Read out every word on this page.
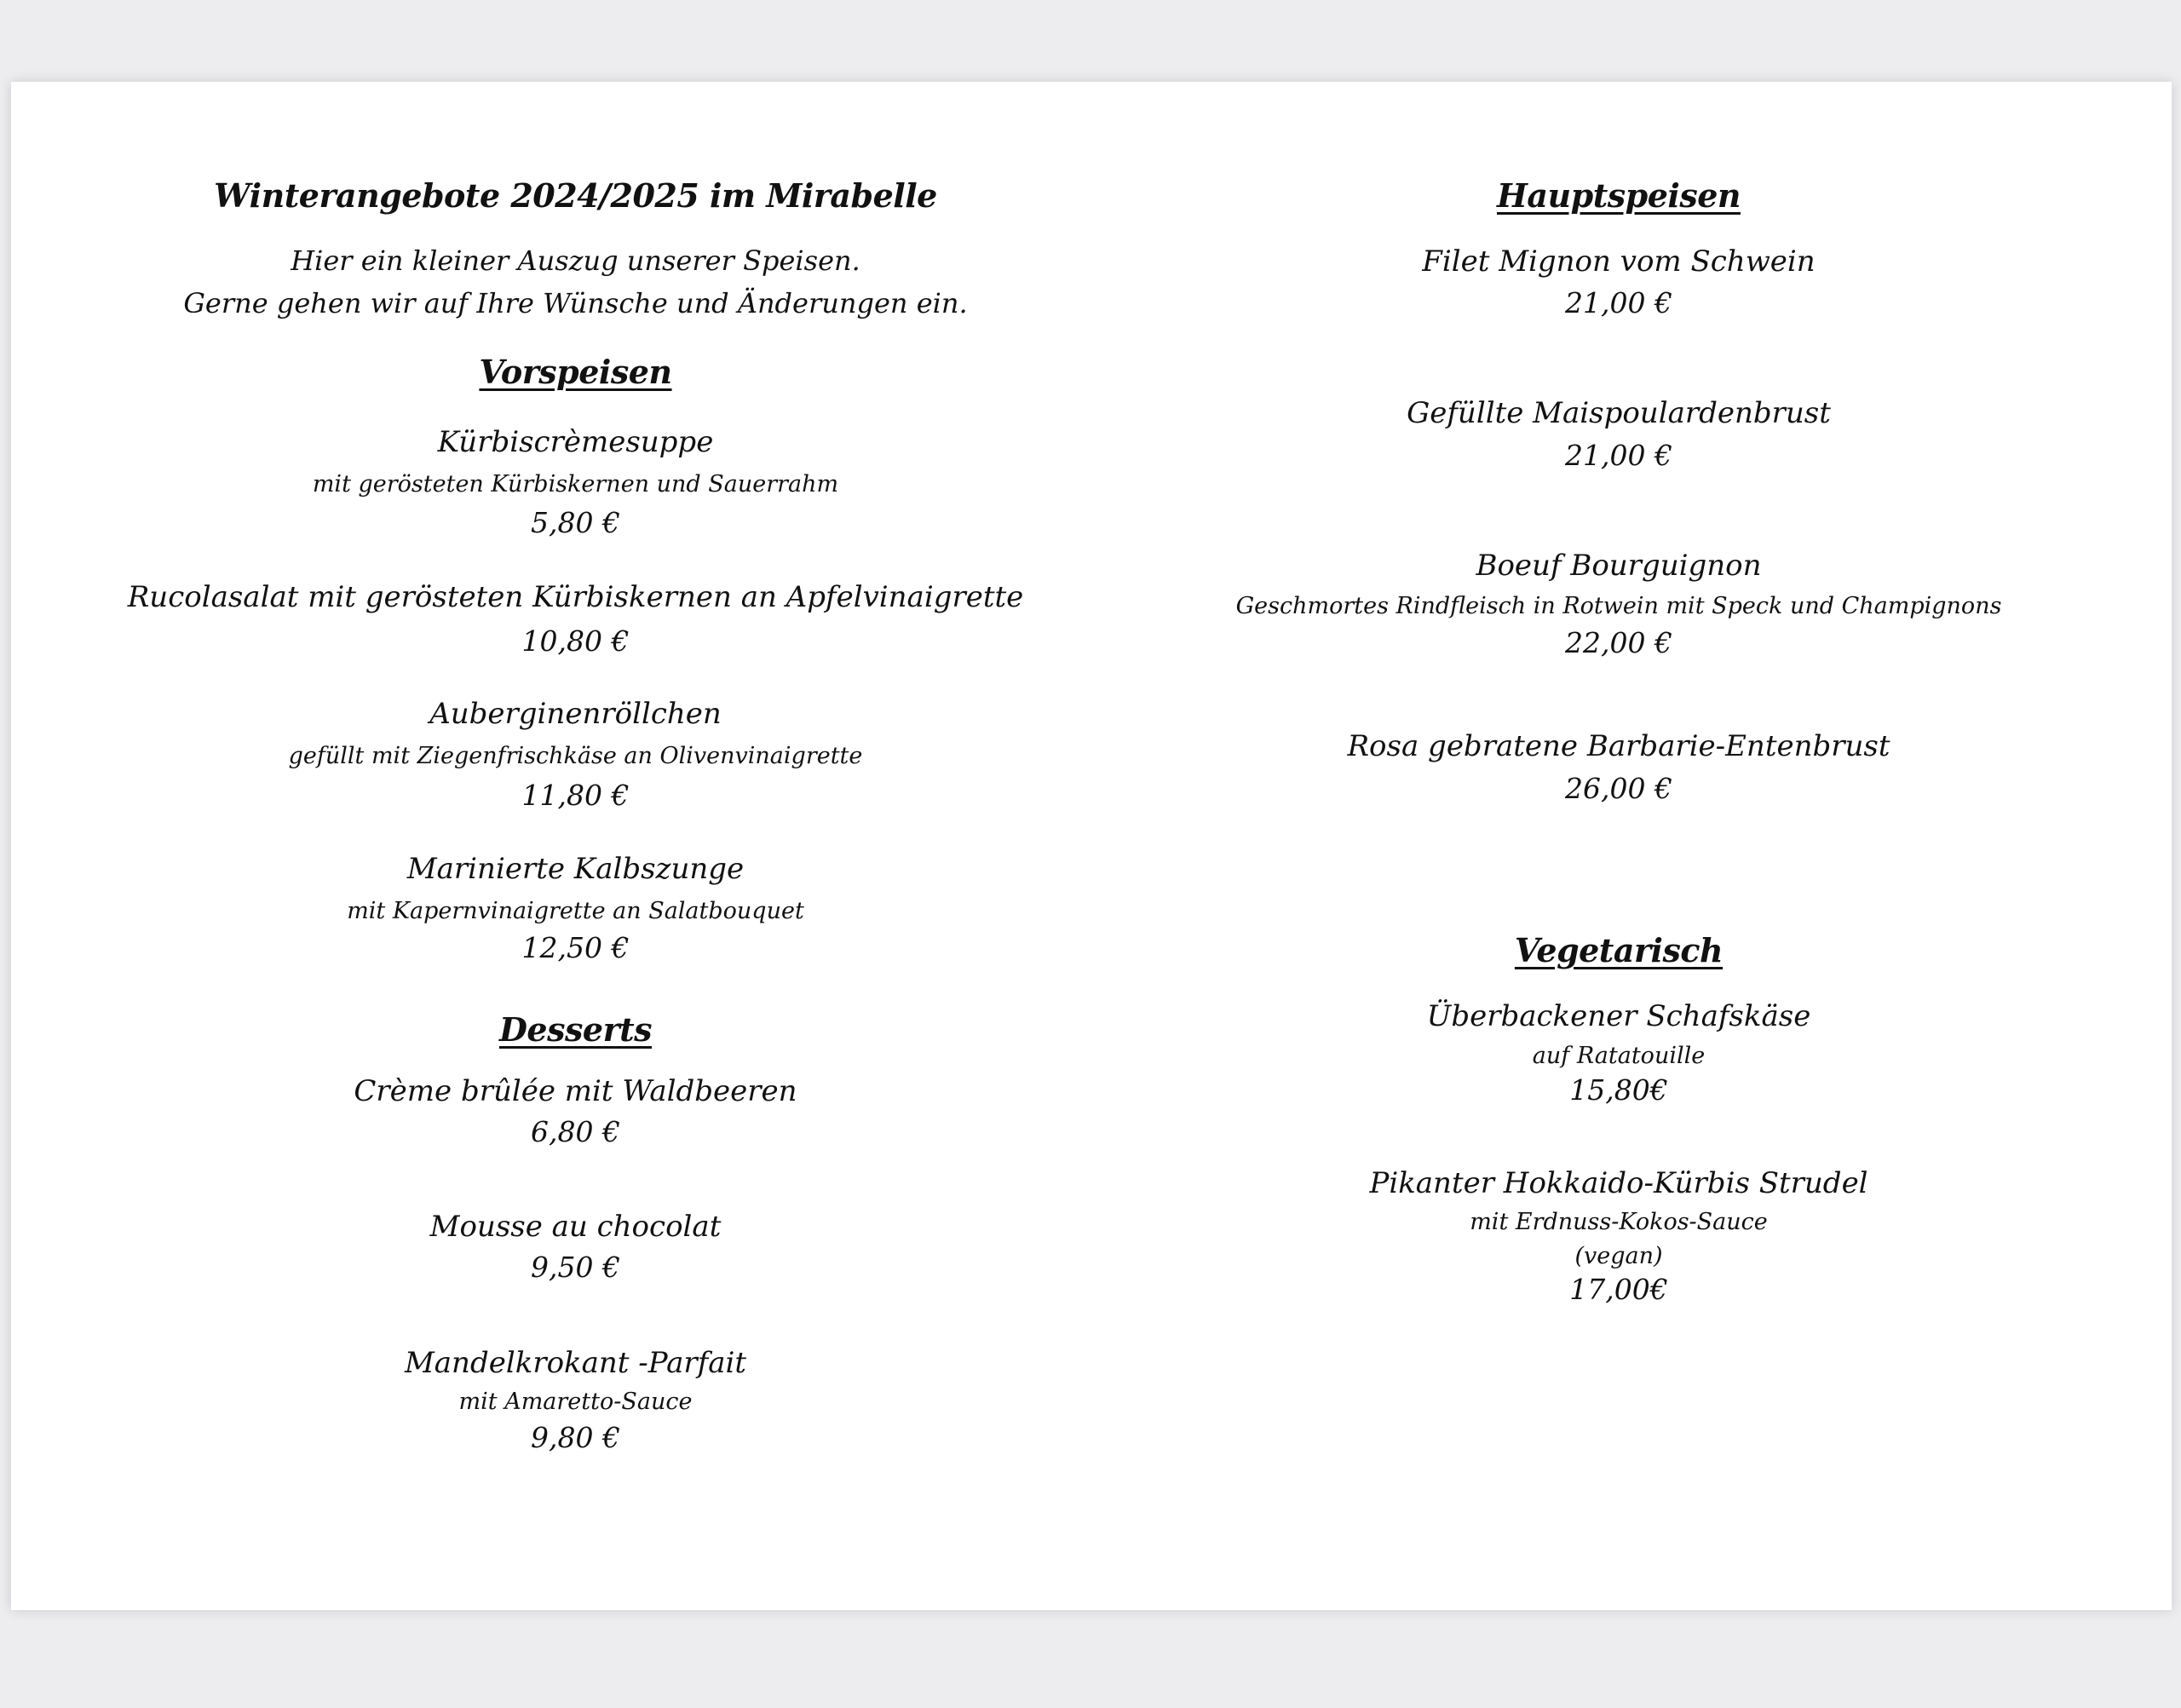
Winterangebote 2024/2025 im Mirabelle

Hier ein kleiner Auszug unserer Speisen.

Gerne gehen wir auf Ihre Wünsche und Änderungen ein.

Vorspeisen

Kürbiscrèmesuppe

mit gerösteten Kürbiskernen und Sauerrahm

5,80 €

Rucolasalat mit gerösteten Kürbiskernen an Apfelvinaigrette

10,80 €

Auberginenröllchen

gefüllt mit Ziegenfrischkäse an Olivenvinaigrette

11,80 €

Marinierte Kalbszunge

mit Kapernvinaigrette an Salatbouquet

12,50 €

Desserts

Crème brûlée mit Waldbeeren

6,80 €

Mousse au chocolat

9,50 €

Mandelkrokant -Parfait

mit Amaretto-Sauce

9,80 €

Hauptspeisen

Filet Mignon vom Schwein

21,00 €

Gefüllte Maispoulardenbrust

21,00 €

Boeuf Bourguignon

Geschmortes Rindfleisch in Rotwein mit Speck und Champignons

22,00 €

Rosa gebratene Barbarie-Entenbrust

26,00 €

Vegetarisch

Überbackener Schafskäse

auf Ratatouille

15,80€

Pikanter Hokkaido-Kürbis Strudel

mit Erdnuss-Kokos-Sauce

(vegan)

17,00€
